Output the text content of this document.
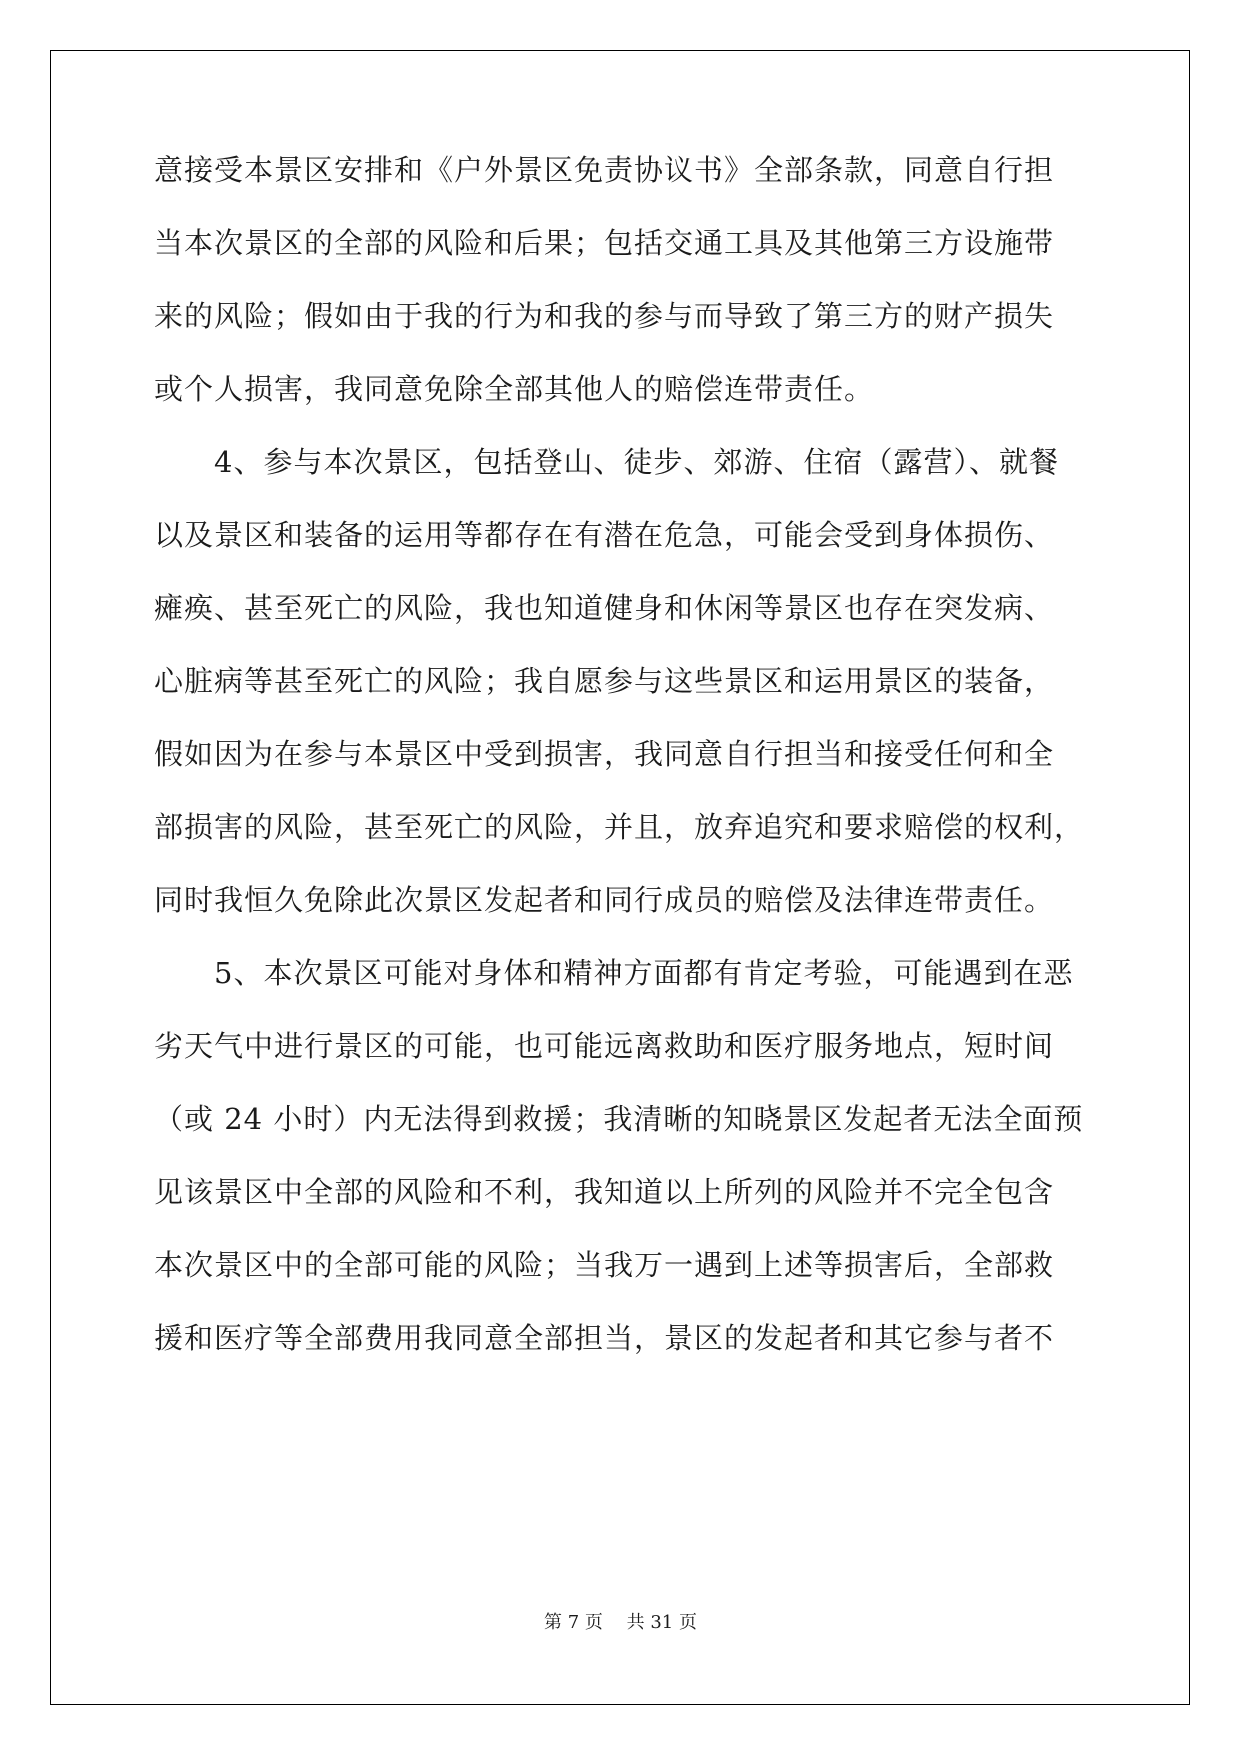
意接受本景区安排和《户外景区免责协议书》全部条款，同意自行担
当本次景区的全部的风险和后果；包括交通工具及其他第三方设施带
来的风险；假如由于我的行为和我的参与而导致了第三方的财产损失
或个人损害，我同意免除全部其他人的赔偿连带责任。
　　4、参与本次景区，包括登山、徒步、郊游、住宿（露营）、就餐
以及景区和装备的运用等都存在有潜在危急，可能会受到身体损伤、
瘫痪、甚至死亡的风险，我也知道健身和休闲等景区也存在突发病、
心脏病等甚至死亡的风险；我自愿参与这些景区和运用景区的装备，
假如因为在参与本景区中受到损害，我同意自行担当和接受任何和全
部损害的风险，甚至死亡的风险，并且，放弃追究和要求赔偿的权利，
同时我恒久免除此次景区发起者和同行成员的赔偿及法律连带责任。
　　5、本次景区可能对身体和精神方面都有肯定考验，可能遇到在恶
劣天气中进行景区的可能，也可能远离救助和医疗服务地点，短时间
（或 24 小时）内无法得到救援；我清晰的知晓景区发起者无法全面预
见该景区中全部的风险和不利，我知道以上所列的风险并不完全包含
本次景区中的全部可能的风险；当我万一遇到上述等损害后，全部救
援和医疗等全部费用我同意全部担当，景区的发起者和其它参与者不
第 7 页　 共 31 页
